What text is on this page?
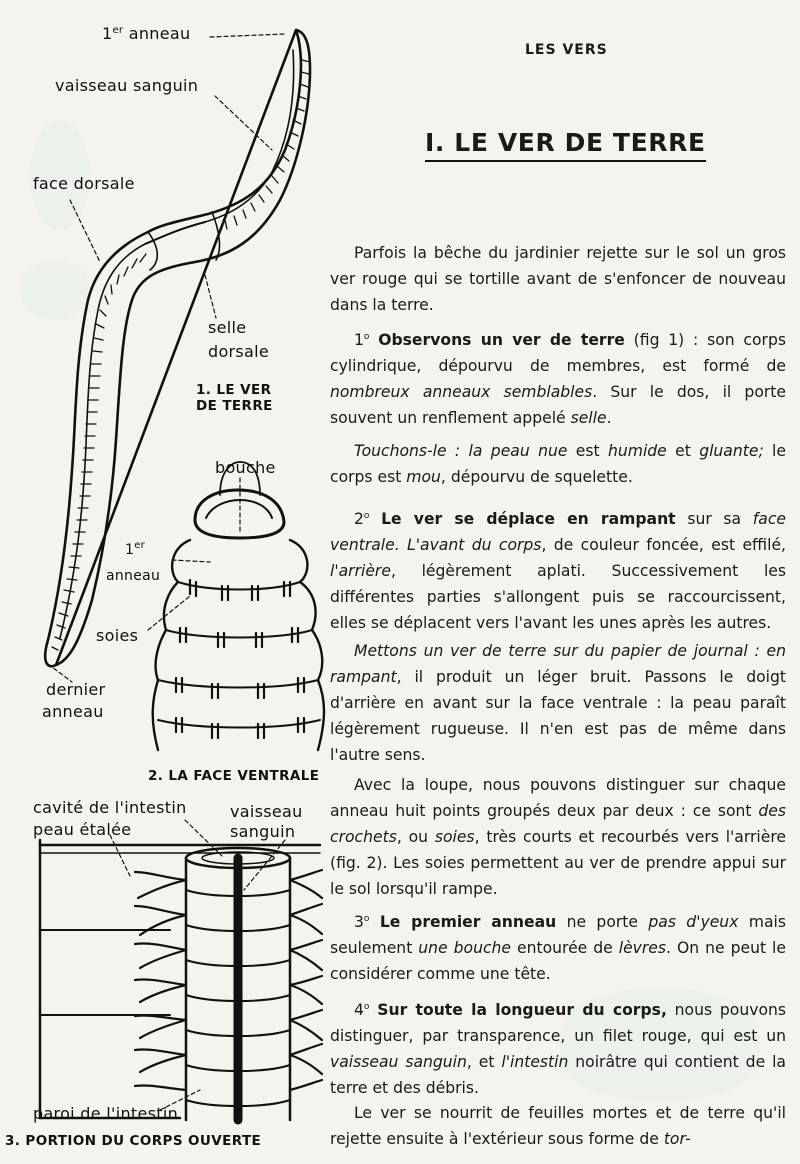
1er anneau
vaisseau sanguin
face dorsale
selle
dorsale
1. LE VER
DE TERRE
dernier
anneau
bouche
1er
anneau
soies
2. LA FACE VENTRALE
cavité de l'intestin	vaisseau
peau étalée	sanguin
paroi de l'intestin
3. PORTION DU CORPS OUVERTE
LES VERS
I. LE VER DE TERRE

Parfois la bêche du jardinier rejette sur le sol un gros ver rouge qui se tortille avant de s'enfoncer de nouveau dans la terre.

1$^o$ Observons un ver de terre (fig 1) : son corps cylindrique, dépourvu de membres, est formé de nombreux anneaux semblables. Sur le dos, il porte souvent un renflement appelé selle.

Touchons-le : la peau nue est humide et gluante; le corps est mou, dépourvu de squelette.

2$^o$ Le ver se déplace en rampant sur sa face ventrale. L'avant du corps, de couleur foncée, est effilé, l'arrière, légèrement aplati. Successivement les différentes parties s'allongent puis se raccourcissent, elles se déplacent vers l'avant les unes après les autres.

Mettons un ver de terre sur du papier de journal : en rampant, il produit un léger bruit. Passons le doigt d'arrière en avant sur la face ventrale : la peau paraît légèrement rugueuse. Il n'en est pas de même dans l'autre sens.

Avec la loupe, nous pouvons distinguer sur chaque anneau huit points groupés deux par deux : ce sont des crochets, ou soies, très courts et recourbés vers l'arrière (fig. 2). Les soies permettent au ver de prendre appui sur le sol lorsqu'il rampe.

3$^o$ Le premier anneau ne porte pas d'yeux mais seulement une bouche entourée de lèvres. On ne peut le considérer comme une tête.

4$^o$ Sur toute la longueur du corps, nous pouvons distinguer, par transparence, un filet rouge, qui est un vaisseau sanguin, et l'intestin noirâtre qui contient de la terre et des débris.

Le ver se nourrit de feuilles mortes et de terre qu'il rejette ensuite à l'extérieur sous forme de tor-
